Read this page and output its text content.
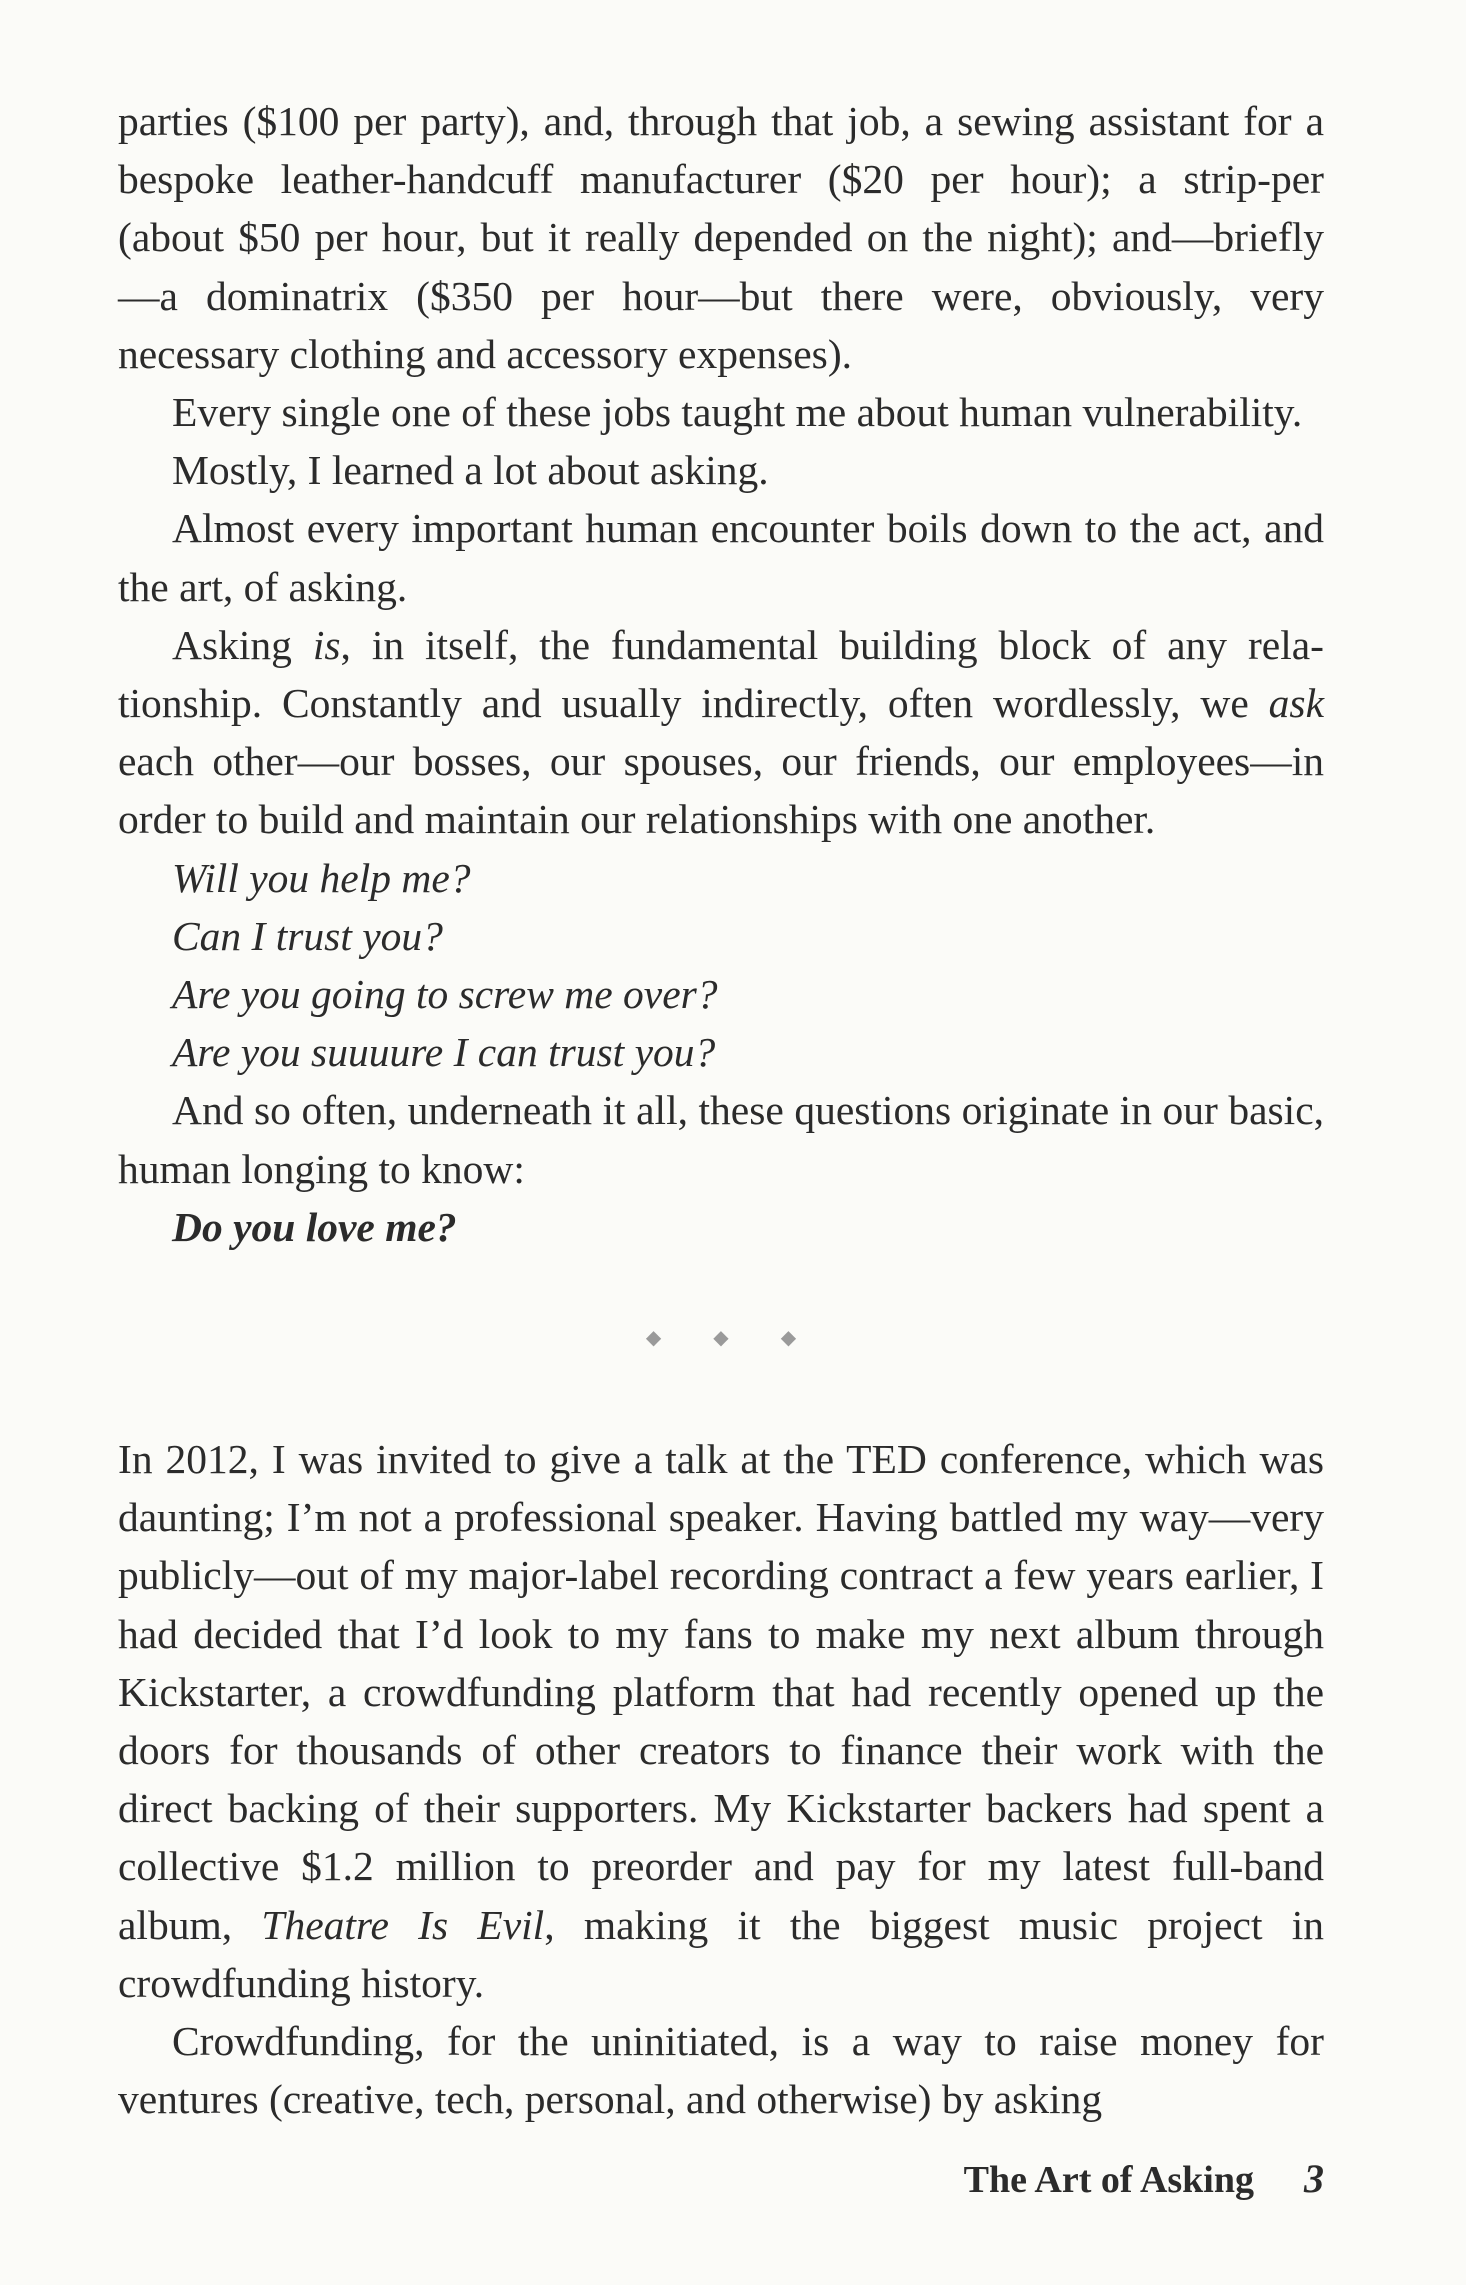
parties ($100 per party), and, through that job, a sewing assistant for a bespoke leather-handcuff manufacturer ($20 per hour); a strip-per (about $50 per hour, but it really depended on the night); and—briefly—a dominatrix ($350 per hour—but there were, obviously, very necessary clothing and accessory expenses).

Every single one of these jobs taught me about human vulnerability.

Mostly, I learned a lot about asking.

Almost every important human encounter boils down to the act, and the art, of asking.

Asking is, in itself, the fundamental building block of any rela-tionship. Constantly and usually indirectly, often wordlessly, we ask each other—our bosses, our spouses, our friends, our employees—in order to build and maintain our relationships with one another.

Will you help me?

Can I trust you?

Are you going to screw me over?

Are you suuuure I can trust you?

And so often, underneath it all, these questions originate in our basic, human longing to know:

Do you love me?

◆	◆	◆

In 2012, I was invited to give a talk at the TED conference, which was daunting; I’m not a professional speaker. Having battled my way—very publicly—out of my major-label recording contract a few years earlier, I had decided that I’d look to my fans to make my next album through Kickstarter, a crowdfunding platform that had recently opened up the doors for thousands of other creators to finance their work with the direct backing of their supporters. My Kickstarter backers had spent a collective $1.2 million to preorder and pay for my latest full-band album, Theatre Is Evil, making it the biggest music project in crowdfunding history.

Crowdfunding, for the uninitiated, is a way to raise money for ventures (creative, tech, personal, and otherwise) by asking

The Art of Asking 3
